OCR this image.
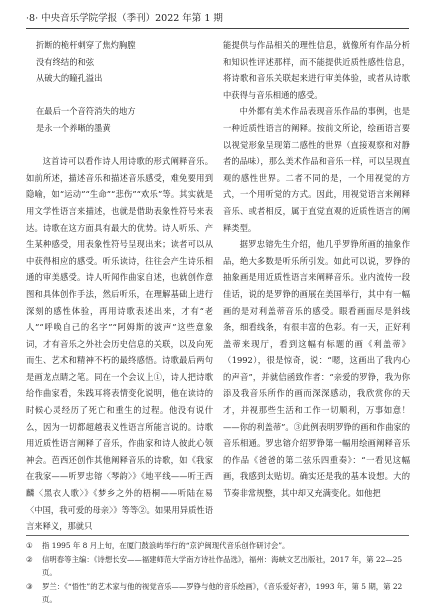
·8· 中央音乐学院学报（季刊）2022 年第 1 期
折断的桅杆刺穿了焦灼胸膛
没有终结的和弦
从破大的瞳孔溢出
在最后一个音符消失的地方
是永一个养晰的墨黄

这首诗可以看作诗人用诗歌的形式阐释音乐。如前所述，描述音乐和描述音乐感受，难免要用到隐喻，如“运动”“生命”“悲伤”“欢乐”等。其实就是用文学性语言来描述，也就是借助表象性符号来表达。诗歌在这方面具有最大的优势。诗人听乐、产生某种感受，用表象性符号呈现出来；读者可以从中获得相应的感受。听乐读诗，往往会产生诗乐相通的审美感受。诗人听闻作曲家自述，也就创作意图和具体创作手法，然后听乐，在理解基础上进行深刻的感性体验，再用诗歌表述出来，才有“老人”“呼唤自己的名字”“阿姆斯的波声”这些意象词，才有音乐之外社会历史信息的关联，以及向死而生、艺术和精神不朽的最终感悟。诗歌最后两句是画龙点睛之笔。同在一个会议上①，诗人把诗歌给作曲家看，朱践耳将表情变化说明，他在读诗的时候心灵经历了死亡和重生的过程。他没有说什么，因为一切都超越表义性语言所能言说的。诗歌用近质性语言阐释了音乐，作曲家和诗人彼此心领神会。芭西还创作其他阐释音乐的诗歌，如《我家在我家——听罗忠镕〈琴韵〉》《地平线——听王西麟〈黑衣人歌〉》《梦乡之外的梧桐——听陆在易〈中国，我可爱的母亲〉》等等②。如果用异质性语言来释义，那就只

能提供与作品相关的理性信息，就像所有作品分析和知识性评述那样，而不能提供近质性感性信息，将诗歌和音乐关联起来进行审美体验，或者从诗歌中获得与音乐相通的感受。

中外都有美术作品表现音乐作品的事例，也是一种近质性语言的阐释。按前文所论，绘画语言要以视觉形象呈现第二感性的世界（直接观察和对静者的品味），那么美术作品和音乐一样，可以呈现直观的感性世界。二者不同的是，一个用视觉的方式，一个用听觉的方式。因此，用视觉语言来阐释音乐、或者相反，属于直觉直观的近质性语言的阐释类型。

据罗忠镕先生介绍，他几乎罗铮所画的抽象作品，绝大多数是听乐所引发。如此可以说，罗铮的抽象画是用近质性语言来阐释音乐。业内流传一段佳话，说的是罗铮的画展在美国举行，其中有一幅画的是对利盖蒂音乐的感受。眼看画面尽是斜线条，细看线条，有很丰富的色彩。有一天，正好利盖蒂来现厅，看到这幅有标题的画《利盖蒂》（1992），很是惊奇，说：“嗯，这画出了我内心的声音”，并就信函致作者：“亲爱的罗铮，我为你添及我音乐所作的画而深深感动，我欣赏你的天才，并视那些生活和工作一切顺利，万事如意！——你的利盖蒂”。③此例表明罗铮的画和作曲家的音乐相通。罗忠镕介绍罗铮第一幅用绘画阐释音乐的作品《爸爸的第二弦乐四重奏》：“一看见这幅画，我感到太贴切。确实还是我的基本设想。大的节奏非常规整，其中却又充满变化。如他把

①	指 1995 年 8 月上旬，在厦门鼓浪屿举行的“京沪闽现代音乐创作研讨会”。
②	信明春等主编：《诗想长安——福建师范大学南方诗社作品选》，福州：海峡文艺出版社，2017 年，第 22—25 页。
③	罗兰：《“悟性”的艺术家与他的视觉音乐——罗铮与他的音乐绘画》，《音乐爱好者》，1993 年，第 5 期，第 22 页。
